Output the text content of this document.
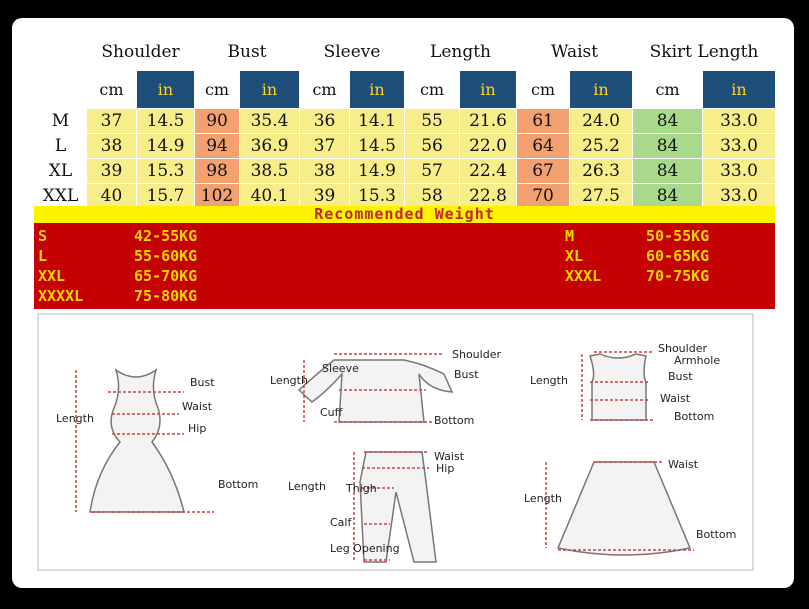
Size	Shoulder		Bust		Sleeve		Length		Waist		Skirt Length	
	cm	in	cm	in	cm	in	cm	in	cm	in	cm	in
M	37	14.5	90	35.4	36	14.1	55	21.6	61	24.0	84	33.0
L	38	14.9	94	36.9	37	14.5	56	22.0	64	25.2	84	33.0
XL	39	15.3	98	38.5	38	14.9	57	22.4	67	26.3	84	33.0
XXL	40	15.7	102	40.1	39	15.3	58	22.8	70	27.5	84	33.0
Recommended Weight
S	42-55KG
L	55-60KG
XXL	65-70KG
XXXXL	75-80KG
M	50-55KG
XL	60-65KG
XXXL	70-75KG
Length
Bust
Waist
Hip
Bottom
Length
Sleeve
Shoulder
Bust
Cuff
Bottom
Length
Shoulder
Armhole
Bust
Waist
Bottom
Length
Waist
Hip
Thigh
Calf
Leg Opening
Length
Waist
Bottom
